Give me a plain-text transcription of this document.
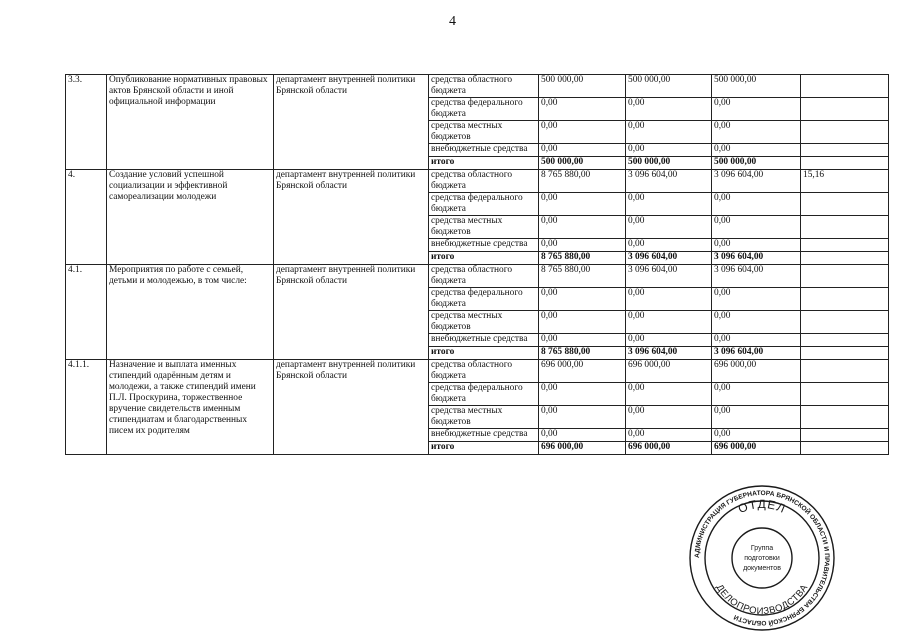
4
3.3.	Опубликование нормативных правовых актов Брянской области и иной официальной информации	департамент внутренней политики Брянской области	средства областного бюджета	500 000,00	500 000,00	500 000,00	
			средства федерального бюджета	0,00	0,00	0,00	
			средства местных бюджетов	0,00	0,00	0,00	
			внебюджетные средства	0,00	0,00	0,00	
			итого	500 000,00	500 000,00	500 000,00	
4.	Создание условий успешной социализации и эффективной самореализации молодежи	департамент внутренней политики Брянской области	средства областного бюджета	8 765 880,00	3 096 604,00	3 096 604,00	15,16
			средства федерального бюджета	0,00	0,00	0,00	
			средства местных бюджетов	0,00	0,00	0,00	
			внебюджетные средства	0,00	0,00	0,00	
			итого	8 765 880,00	3 096 604,00	3 096 604,00	
4.1.	Мероприятия по работе с семьей, детьми и молодежью, в том числе:	департамент внутренней политики Брянской области	средства областного бюджета	8 765 880,00	3 096 604,00	3 096 604,00	
			средства федерального бюджета	0,00	0,00	0,00	
			средства местных бюджетов	0,00	0,00	0,00	
			внебюджетные средства	0,00	0,00	0,00	
			итого	8 765 880,00	3 096 604,00	3 096 604,00	
4.1.1.	Назначение и выплата именных стипендий одарённым детям и молодежи, а также стипендий имени П.Л. Проскурина, торжественное вручение свидетельств именным стипендиатам и благодарственных писем их родителям	департамент внутренней политики Брянской области	средства областного бюджета	696 000,00	696 000,00	696 000,00	
			средства федерального бюджета	0,00	0,00	0,00	
			средства местных бюджетов	0,00	0,00	0,00	
			внебюджетные средства	0,00	0,00	0,00	
			итого	696 000,00	696 000,00	696 000,00	
АДМИНИСТРАЦИЯ ГУБЕРНАТОРА БРЯНСКОЙ ОБЛАСТИ И ПРАВИТЕЛЬСТВА БРЯНСКОЙ ОБЛАСТИ
ОТДЕЛ
ДЕЛОПРОИЗВОДСТВА
Группа
подготовки
документов
